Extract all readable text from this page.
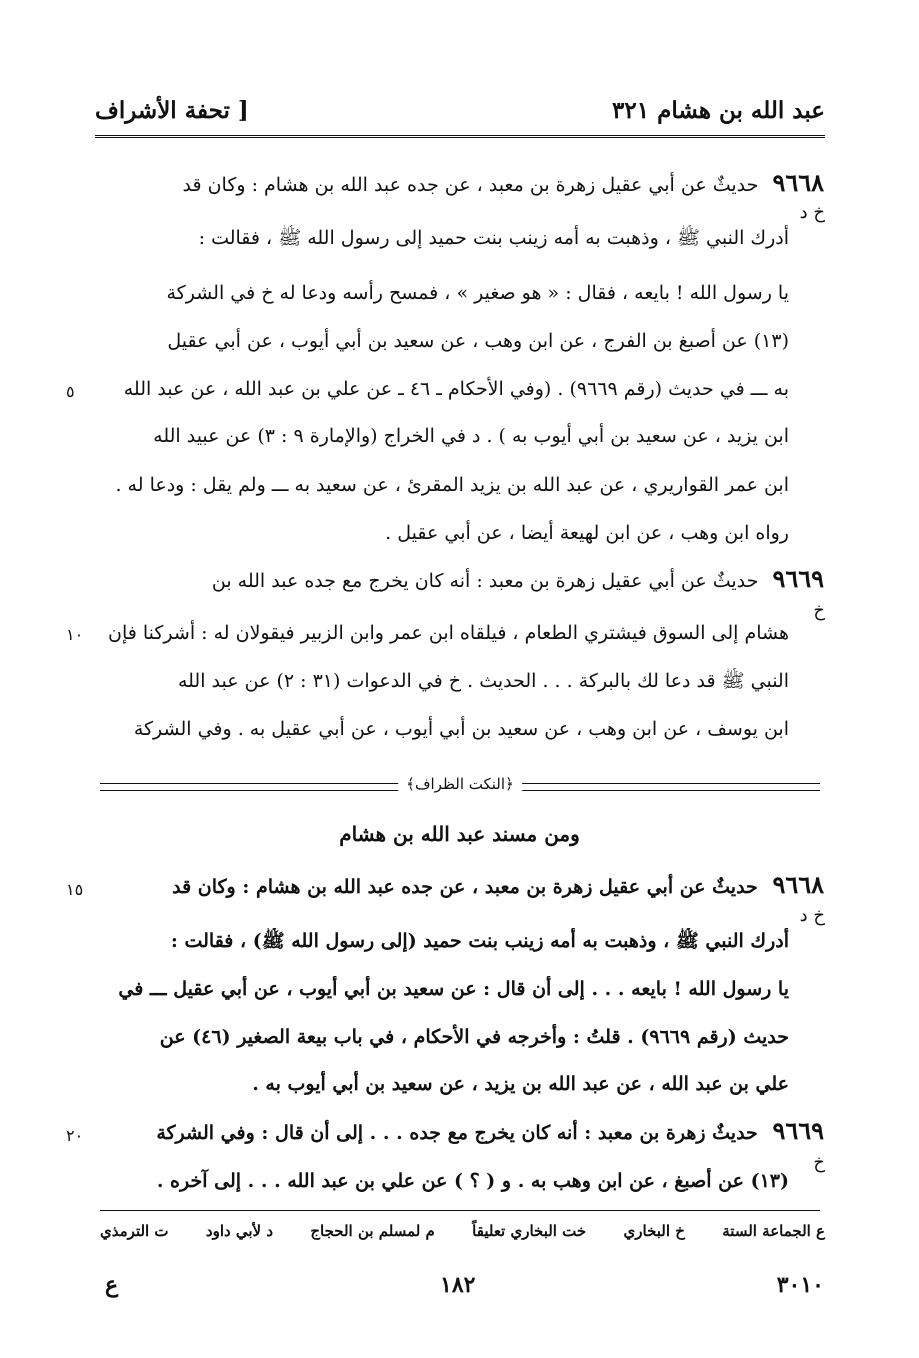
عبد الله بن هشام ٣٢١
[ تحفة الأشراف
٩٦٦٨ حديثٌ عن أبي عقيل زهرة بن معبد ، عن جده عبد الله بن هشام : وكان قد
خ د
أدرك النبي ﷺ ، وذهبت به أمه زينب بنت حميد إلى رسول الله ﷺ ، فقالت :
يا رسول الله ! بايعه ، فقال : « هو صغير » ، فمسح رأسه ودعا له خ في الشركة
(١٣) عن أصبغ بن الفرج ، عن ابن وهب ، عن سعيد بن أبي أيوب ، عن أبي عقيل
به ـــ في حديث (رقم ٩٦٦٩) . (وفي الأحكام ـ ٤٦ ـ عن علي بن عبد الله ، عن عبد الله
ابن يزيد ، عن سعيد بن أبي أيوب به ) . د في الخراج (والإمارة ٩ : ٣) عن عبيد الله
ابن عمر القواريري ، عن عبد الله بن يزيد المقرئ ، عن سعيد به ـــ ولم يقل : ودعا له .
رواه ابن وهب ، عن ابن لهيعة أيضا ، عن أبي عقيل .
٥
٩٦٦٩ حديثٌ عن أبي عقيل زهرة بن معبد : أنه كان يخرج مع جده عبد الله بن
خ
هشام إلى السوق فيشتري الطعام ، فيلقاه ابن عمر وابن الزبير فيقولان له : أشركنا فإن
النبي ﷺ قد دعا لك بالبركة . . . الحديث . خ في الدعوات (٣١ : ٢) عن عبد الله
ابن يوسف ، عن ابن وهب ، عن سعيد بن أبي أيوب ، عن أبي عقيل به . وفي الشركة
١٠
﴿النكت الظراف﴾
ومن مسند عبد الله بن هشام
٩٦٦٨ حديثٌ عن أبي عقيل زهرة بن معبد ، عن جده عبد الله بن هشام : وكان قد
خ د
أدرك النبي ﷺ ، وذهبت به أمه زينب بنت حميد (إلى رسول الله ﷺ) ، فقالت :
يا رسول الله ! بايعه . . . إلى أن قال : عن سعيد بن أبي أيوب ، عن أبي عقيل ـــ في
حديث (رقم ٩٦٦٩) . قلتُ : وأخرجه في الأحكام ، في باب بيعة الصغير (٤٦) عن
علي بن عبد الله ، عن عبد الله بن يزيد ، عن سعيد بن أبي أيوب به .
١٥
٩٦٦٩ حديثٌ زهرة بن معبد : أنه كان يخرج مع جده . . . إلى أن قال : وفي الشركة
خ
(١٣) عن أصبغ ، عن ابن وهب به . و ( ؟ ) عن علي بن عبد الله . . . إلى آخره .
٢٠
ع الجماعة الستة
خ البخاري
خت البخاري تعليقاً
م لمسلم بن الحجاج
د لأبي داود
ت الترمذي
٣٠١٠
١٨٢
ع
